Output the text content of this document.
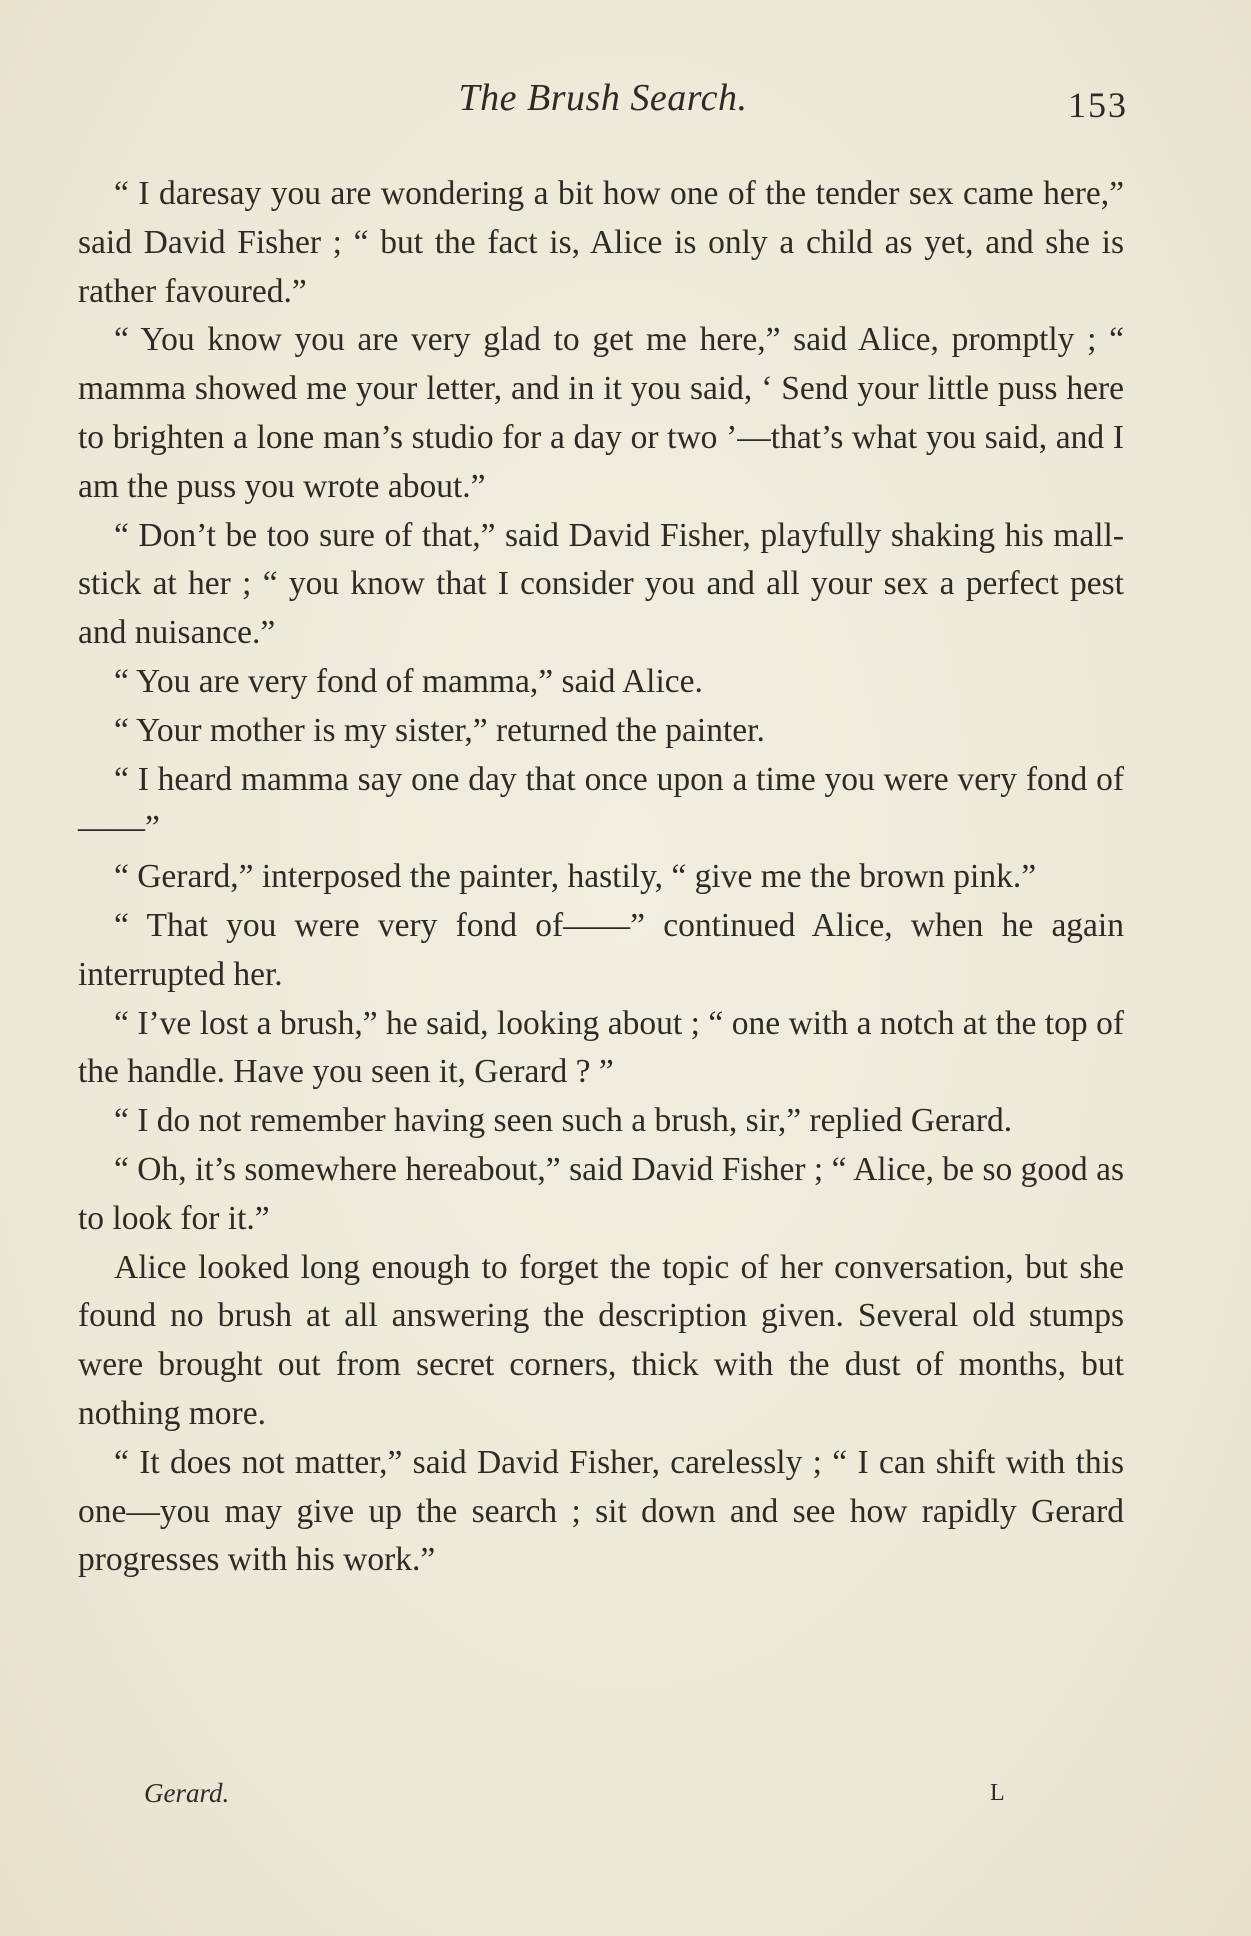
The Brush Search.	153

“ I daresay you are wondering a bit how one of the tender sex came here,” said David Fisher ; “ but the fact is, Alice is only a child as yet, and she is rather favoured.”

“ You know you are very glad to get me here,” said Alice, promptly ; “ mamma showed me your letter, and in it you said, ‘ Send your little puss here to brighten a lone man’s studio for a day or two ’—that’s what you said, and I am the puss you wrote about.”

“ Don’t be too sure of that,” said David Fisher, playfully shaking his mall-stick at her ; “ you know that I consider you and all your sex a perfect pest and nuisance.”

“ You are very fond of mamma,” said Alice.

“ Your mother is my sister,” returned the painter.

“ I heard mamma say one day that once upon a time you were very fond of——”

“ Gerard,” interposed the painter, hastily, “ give me the brown pink.”

“ That you were very fond of——” continued Alice, when he again interrupted her.

“ I’ve lost a brush,” he said, looking about ; “ one with a notch at the top of the handle. Have you seen it, Gerard ? ”

“ I do not remember having seen such a brush, sir,” replied Gerard.

“ Oh, it’s somewhere hereabout,” said David Fisher ; “ Alice, be so good as to look for it.”

Alice looked long enough to forget the topic of her conversation, but she found no brush at all answering the description given. Several old stumps were brought out from secret corners, thick with the dust of months, but nothing more.

“ It does not matter,” said David Fisher, carelessly ; “ I can shift with this one—you may give up the search ; sit down and see how rapidly Gerard progresses with his work.”

Gerard.	L
